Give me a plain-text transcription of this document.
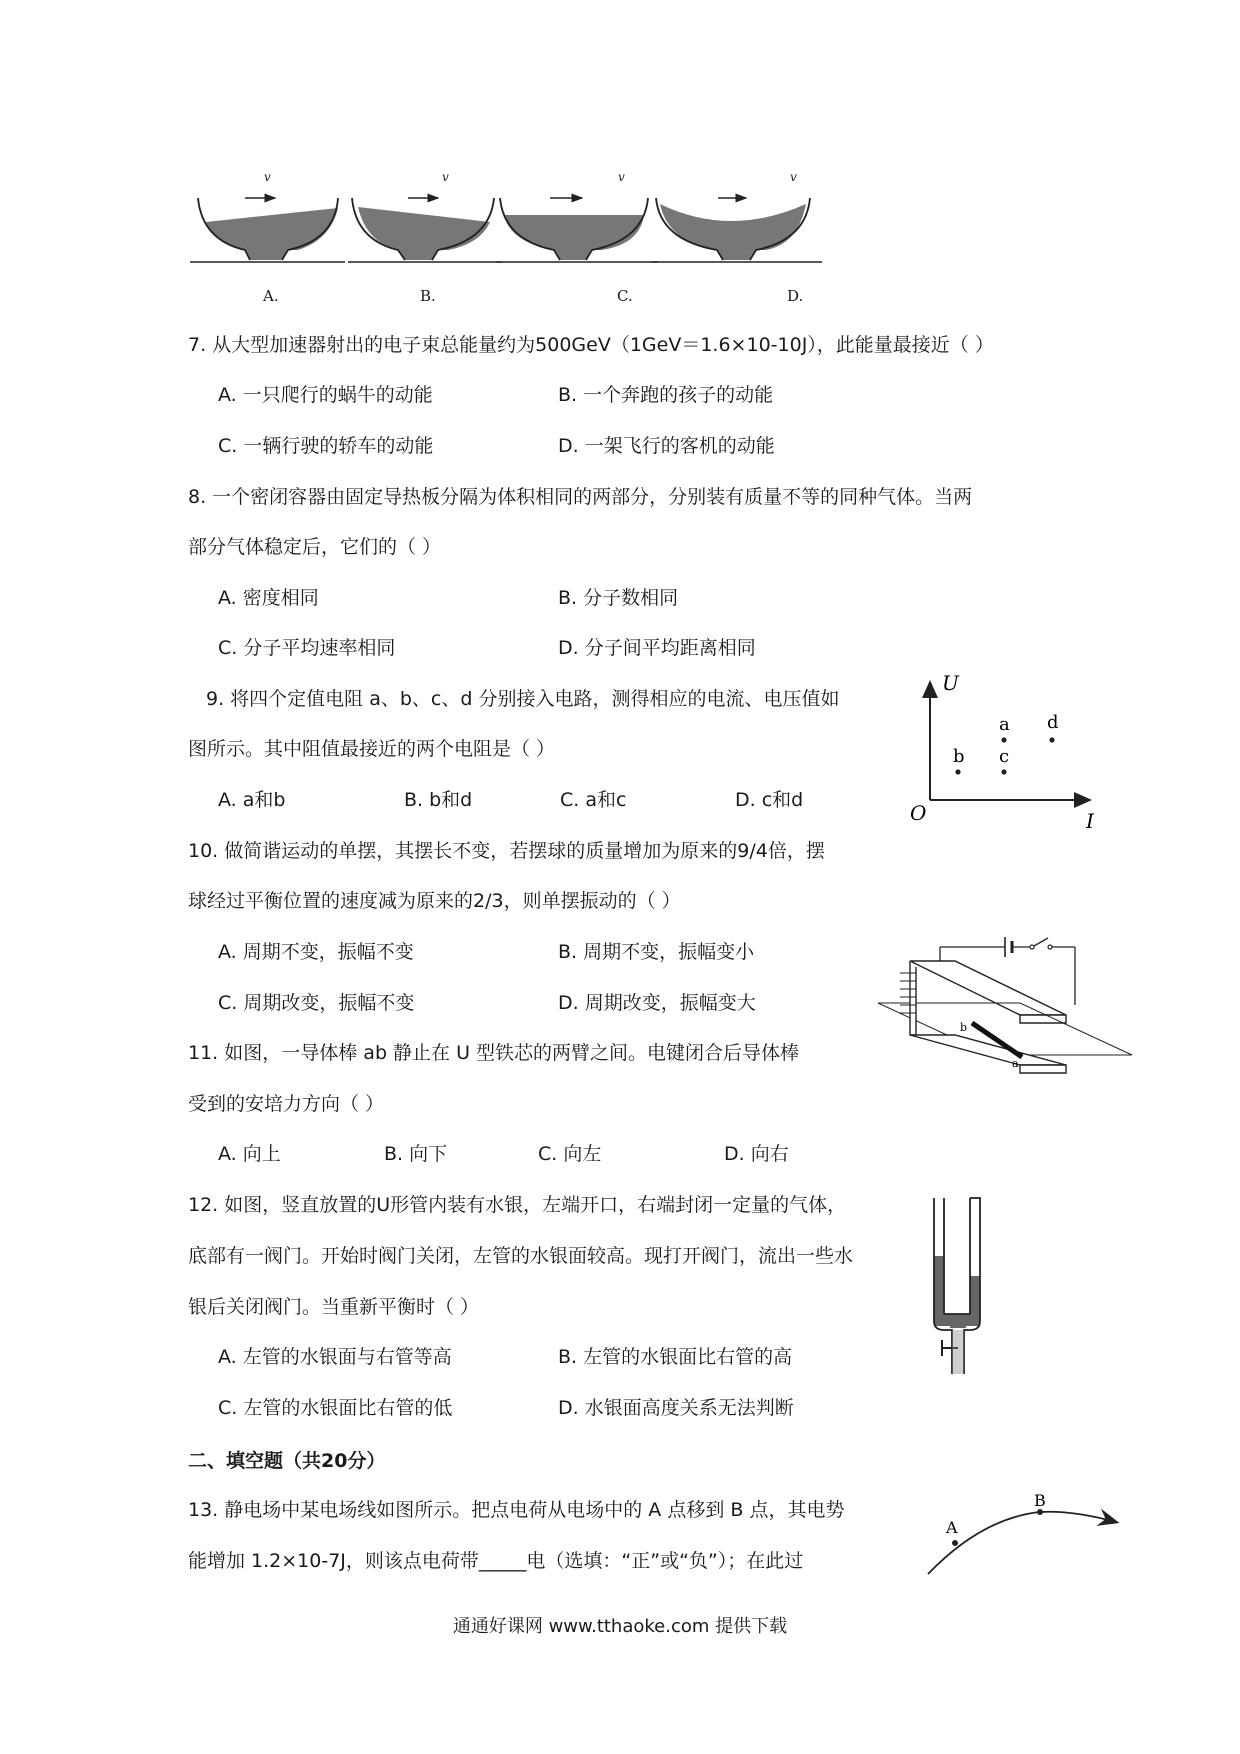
v	v	v	v
A.	B.	C.	D.
7. 从大型加速器射出的电子束总能量约为500GeV（1GeV＝1.6×10-10J），此能量最接近（ ）
A. 一只爬行的蜗牛的动能	B. 一个奔跑的孩子的动能
C. 一辆行驶的轿车的动能	D. 一架飞行的客机的动能
8. 一个密闭容器由固定导热板分隔为体积相同的两部分，分别装有质量不等的同种气体。当两
部分气体稳定后，它们的（ ）
A. 密度相同	B. 分子数相同
C. 分子平均速率相同	D. 分子间平均距离相同
9. 将四个定值电阻 a、b、c、d 分别接入电路，测得相应的电流、电压值如
图所示。其中阻值最接近的两个电阻是（ ）
A. a和b	B. b和d	C. a和c	D. c和d
U
I
O
a d
b c
10. 做简谐运动的单摆，其摆长不变，若摆球的质量增加为原来的9/4倍，摆
球经过平衡位置的速度减为原来的2/3，则单摆振动的（ ）
A. 周期不变，振幅不变	B. 周期不变，振幅变小
C. 周期改变，振幅不变	D. 周期改变，振幅变大
b
a
11. 如图，一导体棒 ab 静止在 U 型铁芯的两臂之间。电键闭合后导体棒
受到的安培力方向（ ）
A. 向上	B. 向下	C. 向左	D. 向右
12. 如图，竖直放置的U形管内装有水银，左端开口，右端封闭一定量的气体，
底部有一阀门。开始时阀门关闭，左管的水银面较高。现打开阀门，流出一些水
银后关闭阀门。当重新平衡时（ ）
A. 左管的水银面与右管等高	B. 左管的水银面比右管的高
C. 左管的水银面比右管的低	D. 水银面高度关系无法判断
二、填空题（共20分）
13. 静电场中某电场线如图所示。把点电荷从电场中的 A 点移到 B 点，其电势
能增加 1.2×10-7J，则该点电荷带_____电（选填：“正”或“负”）；在此过
A
B
通通好课网 www.tthaoke.com 提供下载
